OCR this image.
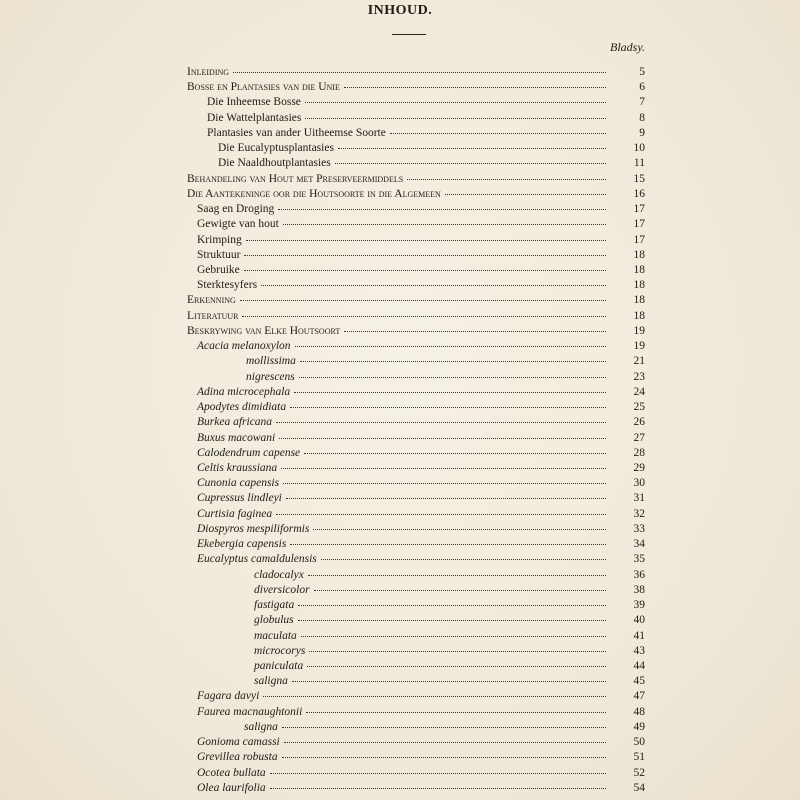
INHOUD.
Bladsy.
Inleiding	5
Bosse en Plantasies van die Unie	6
Die Inheemse Bosse	7
Die Wattelplantasies	8
Plantasies van ander Uitheemse Soorte	9
Die Eucalyptusplantasies	10
Die Naaldhoutplantasies	11
Behandeling van Hout met Preserveermiddels	15
Die Aantekeninge oor die Houtsoorte in die Algemeen	16
Saag en Droging	17
Gewigte van hout	17
Krimping	17
Struktuur	18
Gebruike	18
Sterktesyfers	18
Erkenning	18
Literatuur	18
Beskrywing van Elke Houtsoort	19
Acacia melanoxylon	19
mollissima	21
nigrescens	23
Adina microcephala	24
Apodytes dimidiata	25
Burkea africana	26
Buxus macowani	27
Calodendrum capense	28
Celtis kraussiana	29
Cunonia capensis	30
Cupressus lindleyi	31
Curtisia faginea	32
Diospyros mespiliformis	33
Ekebergia capensis	34
Eucalyptus camaldulensis	35
cladocalyx	36
diversicolor	38
fastigata	39
globulus	40
maculata	41
microcorys	43
paniculata	44
saligna	45
Fagara davyi	47
Faurea macnaughtonii	48
saligna	49
Gonioma camassi	50
Grevillea robusta	51
Ocotea bullata	52
Olea laurifolia	54
